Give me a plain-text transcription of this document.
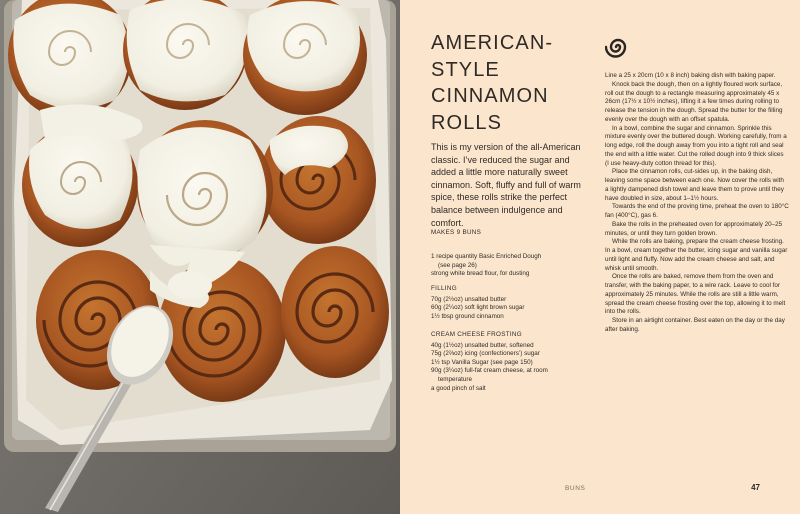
AMERICAN-
STYLE
CINNAMON
ROLLS

This is my version of the all-American classic. I’ve reduced the sugar and added a little more naturally sweet cinnamon. Soft, fluffy and full of warm spice, these rolls strike the perfect balance between indulgence and comfort.

MAKES 9 BUNS

1 recipe quantity Basic Enriched Dough
(see page 26)
strong white bread flour, for dusting

FILLING

70g (2½oz) unsalted butter
60g (2¼oz) soft light brown sugar
1½ tbsp ground cinnamon

CREAM CHEESE FROSTING

40g (1½oz) unsalted butter, softened
75g (2⅔oz) icing (confectioners’) sugar
1½ tsp Vanilla Sugar (see page 150)
90g (3¼oz) full-fat cream cheese, at room
temperature
a good pinch of salt

Line a 25 x 20cm (10 x 8 inch) baking dish with baking paper.

Knock back the dough, then on a lightly floured work surface, roll out the dough to a rectangle measuring approximately 45 x 26cm (17½ x 10½ inches), lifting it a few times during rolling to release the tension in the dough. Spread the butter for the filling evenly over the dough with an offset spatula.

In a bowl, combine the sugar and cinnamon. Sprinkle this mixture evenly over the buttered dough. Working carefully, from a long edge, roll the dough away from you into a tight roll and seal the end with a little water. Cut the rolled dough into 9 thick slices (I use heavy-duty cotton thread for this).

Place the cinnamon rolls, cut-sides up, in the baking dish, leaving some space between each one. Now cover the rolls with a lightly dampened dish towel and leave them to prove until they have doubled in size, about 1–1½ hours.

Towards the end of the proving time, preheat the oven to 180°C fan (400°C), gas 6.

Bake the rolls in the preheated oven for approximately 20–25 minutes, or until they turn golden brown.

While the rolls are baking, prepare the cream cheese frosting. In a bowl, cream together the butter, icing sugar and vanilla sugar until light and fluffy. Now add the cream cheese and salt, and whisk until smooth.

Once the rolls are baked, remove them from the oven and transfer, with the baking paper, to a wire rack. Leave to cool for approximately 25 minutes. While the rolls are still a little warm, spread the cream cheese frosting over the top, allowing it to melt into the rolls.

Store in an airtight container. Best eaten on the day or the day after baking.

BUNS	47
